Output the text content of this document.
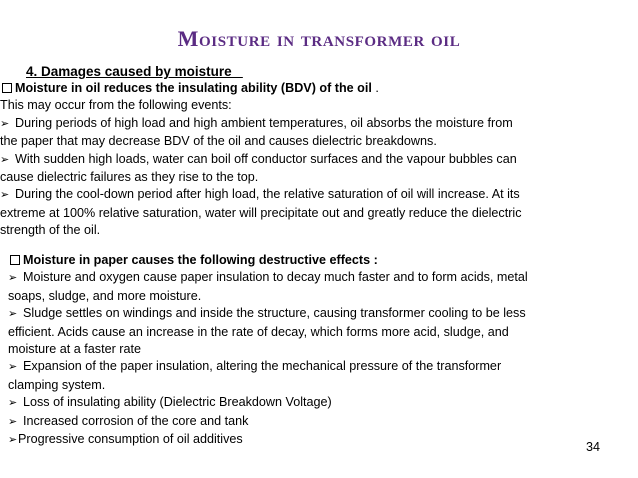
Moisture in transformer oil
4. Damages caused by moisture
Moisture in oil reduces the insulating ability (BDV) of the oil .
This may occur from the following events:
➢ During periods of high load and high ambient temperatures, oil absorbs the moisture from
the paper that may decrease BDV of the oil and causes dielectric breakdowns.
➢ With sudden high loads, water can boil off conductor surfaces and the vapour bubbles can
cause dielectric failures as they rise to the top.
➢ During the cool-down period after high load, the relative saturation of oil will increase. At its
extreme at 100% relative saturation, water will precipitate out and greatly reduce the dielectric
strength of the oil.
Moisture in paper causes the following destructive effects :
➢ Moisture and oxygen cause paper insulation to decay much faster and to form acids, metal
soaps, sludge, and more moisture.
➢ Sludge settles on windings and inside the structure, causing transformer cooling to be less
efficient. Acids cause an increase in the rate of decay, which forms more acid, sludge, and
moisture at a faster rate
➢ Expansion of the paper insulation, altering the mechanical pressure of the transformer
clamping system.
➢ Loss of insulating ability (Dielectric Breakdown Voltage)
➢ Increased corrosion of the core and tank
➢Progressive consumption of oil additives
34
